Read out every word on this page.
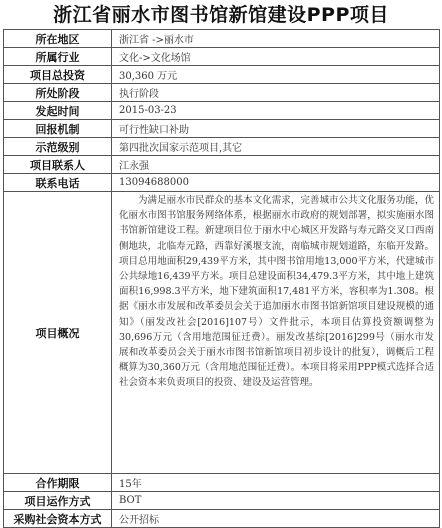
浙江省丽水市图书馆新馆建设PPP项目
所在地区	浙江省 ->丽水市
所属行业	文化->文化场馆
项目总投资	30,360 万元
所处阶段	执行阶段
发起时间	2015-03-23
回报机制	可行性缺口补助
示范级别	第四批次国家示范项目,其它
项目联系人	江永强
联系电话	13094688000
项目概况	为满足丽水市民群众的基本文化需求，完善城市公共文化服务功能，优化丽水市图书馆服务网络体系，根据丽水市政府的规划部署，拟实施丽水图书馆新馆建设工程。新建项目位于丽水中心城区开发路与寿元路交叉口西南侧地块，北临寿元路，西靠好溪堰支流，南临城市规划道路，东临开发路。项目总用地面积29,439平方米，其中图书馆用地13,000平方米，代建城市公共绿地16,439平方米。项目总建设面积34,479.3平方米，其中地上建筑面积16,998.3平方米，地下建筑面积17,481平方米，容积率为1.308。根据《丽水市发展和改革委员会关于追加丽水市图书馆新馆项目建设规模的通知》（丽发改社会[2016]107号）文件批示，本项目估算投资额调整为30,696万元（含用地范围征迁费）。丽发改基综[2016]299号（丽水市发展和改革委员会关于丽水市图书馆新馆项目初步设计的批复），调概后工程概算为30,360万元（含用地范围征迁费）。本项目将采用PPP模式选择合适社会资本来负责项目的投资、建设及运营管理。
合作期限	15年
项目运作方式	BOT
采购社会资本方式	公开招标
